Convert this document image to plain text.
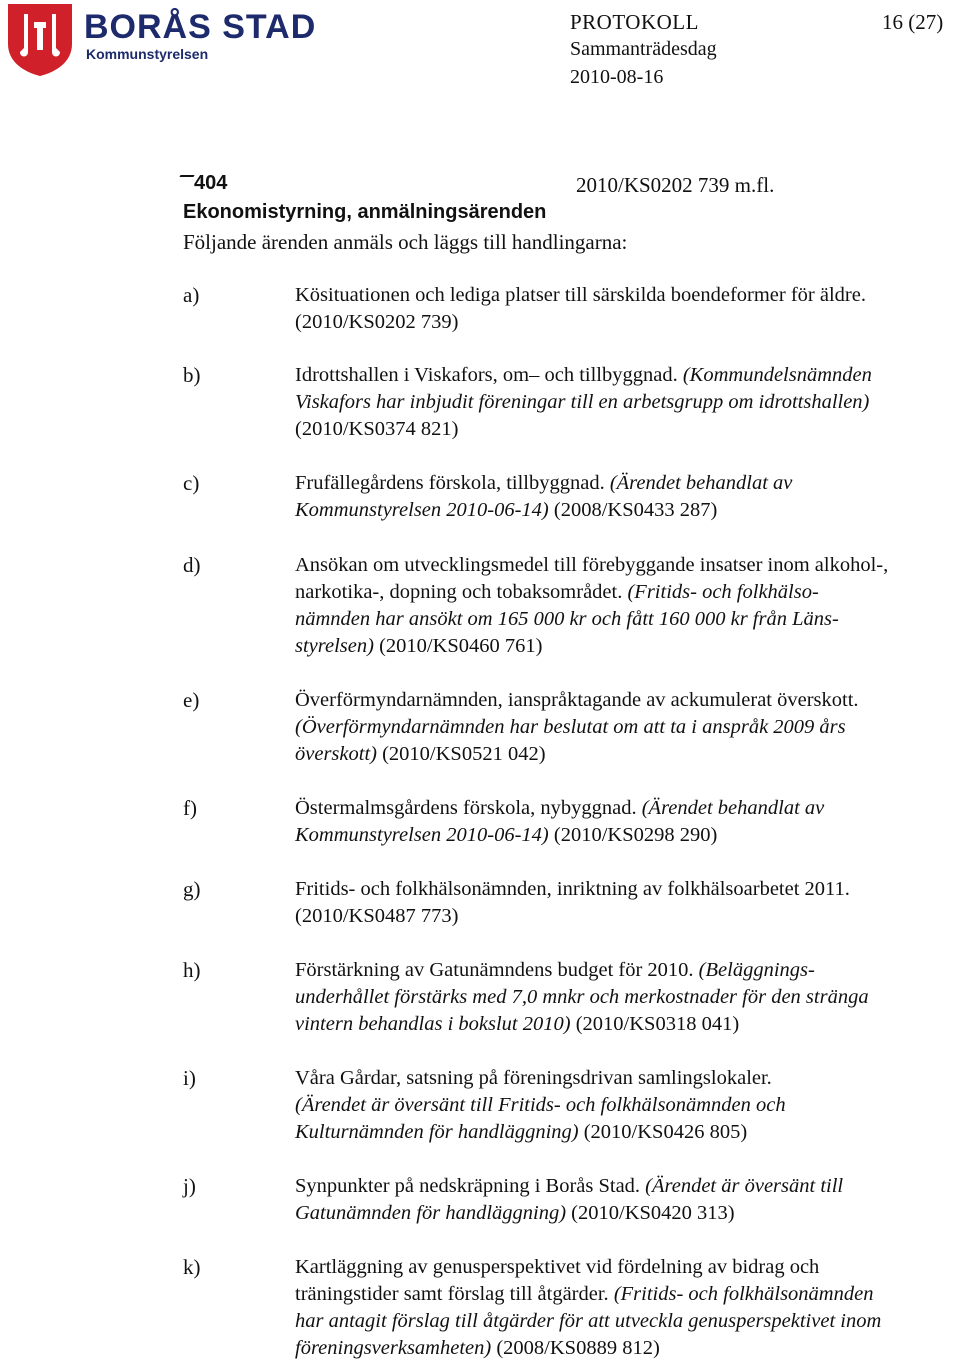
BORÅS STAD
Kommunstyrelsen
PROTOKOLL	16 (27)
Sammanträdesdag
2010-08-16
404	2010/KS0202 739 m.fl.
Ekonomistyrning, anmälningsärenden
Följande ärenden anmäls och läggs till handlingarna:
a)	Kösituationen och lediga platser till särskilda boendeformer för äldre.
(2010/KS0202 739)
b)	Idrottshallen i Viskafors, om– och tillbyggnad. (Kommundelsnämnden
Viskafors har inbjudit föreningar till en arbetsgrupp om idrottshallen)
(2010/KS0374 821)
c)	Frufällegårdens förskola, tillbyggnad. (Ärendet behandlat av
Kommunstyrelsen 2010-06-14) (2008/KS0433 287)
d)	Ansökan om utvecklingsmedel till förebyggande insatser inom alkohol-,
narkotika-, dopning och tobaksområdet. (Fritids- och folkhälso-
nämnden har ansökt om 165 000 kr och fått 160 000 kr från Läns-
styrelsen) (2010/KS0460 761)
e)	Överförmyndarnämnden, ianspråktagande av ackumulerat överskott.
(Överförmyndarnämnden har beslutat om att ta i anspråk 2009 års
överskott) (2010/KS0521 042)
f)	Östermalmsgårdens förskola, nybyggnad. (Ärendet behandlat av
Kommunstyrelsen 2010-06-14) (2010/KS0298 290)
g)	Fritids- och folkhälsonämnden, inriktning av folkhälsoarbetet 2011.
(2010/KS0487 773)
h)	Förstärkning av Gatunämndens budget för 2010. (Beläggnings-
underhållet förstärks med 7,0 mnkr och merkostnader för den stränga
vintern behandlas i bokslut 2010) (2010/KS0318 041)
i)	Våra Gårdar, satsning på föreningsdrivan samlingslokaler.
(Ärendet är översänt till Fritids- och folkhälsonämnden och
Kulturnämnden för handläggning) (2010/KS0426 805)
j)	Synpunkter på nedskräpning i Borås Stad. (Ärendet är översänt till
Gatunämnden för handläggning) (2010/KS0420 313)
k)	Kartläggning av genusperspektivet vid fördelning av bidrag och
träningstider samt förslag till åtgärder. (Fritids- och folkhälsonämnden
har antagit förslag till åtgärder för att utveckla genusperspektivet inom
föreningsverksamheten) (2008/KS0889 812)
